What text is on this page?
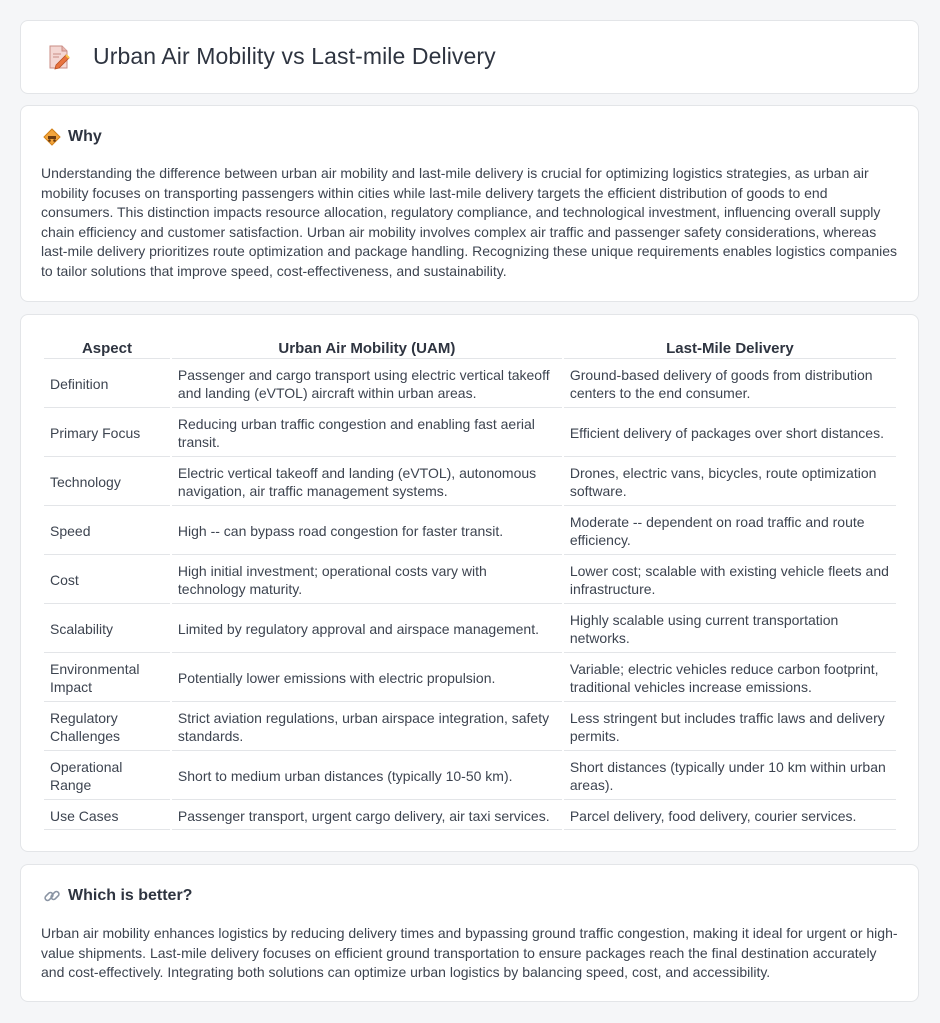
Urban Air Mobility vs Last-mile Delivery
Why

Understanding the difference between urban air mobility and last-mile delivery is crucial for optimizing logistics strategies, as urban air mobility focuses on transporting passengers within cities while last-mile delivery targets the efficient distribution of goods to end consumers. This distinction impacts resource allocation, regulatory compliance, and technological investment, influencing overall supply chain efficiency and customer satisfaction. Urban air mobility involves complex air traffic and passenger safety considerations, whereas last-mile delivery prioritizes route optimization and package handling. Recognizing these unique requirements enables logistics companies to tailor solutions that improve speed, cost-effectiveness, and sustainability.

Aspect	Urban Air Mobility (UAM)	Last-Mile Delivery
Definition	Passenger and cargo transport using electric vertical takeoff and landing (eVTOL) aircraft within urban areas.	Ground-based delivery of goods from distribution centers to the end consumer.
Primary Focus	Reducing urban traffic congestion and enabling fast aerial transit.	Efficient delivery of packages over short distances.
Technology	Electric vertical takeoff and landing (eVTOL), autonomous navigation, air traffic management systems.	Drones, electric vans, bicycles, route optimization software.
Speed	High -- can bypass road congestion for faster transit.	Moderate -- dependent on road traffic and route efficiency.
Cost	High initial investment; operational costs vary with technology maturity.	Lower cost; scalable with existing vehicle fleets and infrastructure.
Scalability	Limited by regulatory approval and airspace management.	Highly scalable using current transportation networks.
Environmental Impact	Potentially lower emissions with electric propulsion.	Variable; electric vehicles reduce carbon footprint, traditional vehicles increase emissions.
Regulatory Challenges	Strict aviation regulations, urban airspace integration, safety standards.	Less stringent but includes traffic laws and delivery permits.
Operational Range	Short to medium urban distances (typically 10-50 km).	Short distances (typically under 10 km within urban areas).
Use Cases	Passenger transport, urgent cargo delivery, air taxi services.	Parcel delivery, food delivery, courier services.
Which is better?

Urban air mobility enhances logistics by reducing delivery times and bypassing ground traffic congestion, making it ideal for urgent or high-value shipments. Last-mile delivery focuses on efficient ground transportation to ensure packages reach the final destination accurately and cost-effectively. Integrating both solutions can optimize urban logistics by balancing speed, cost, and accessibility.
